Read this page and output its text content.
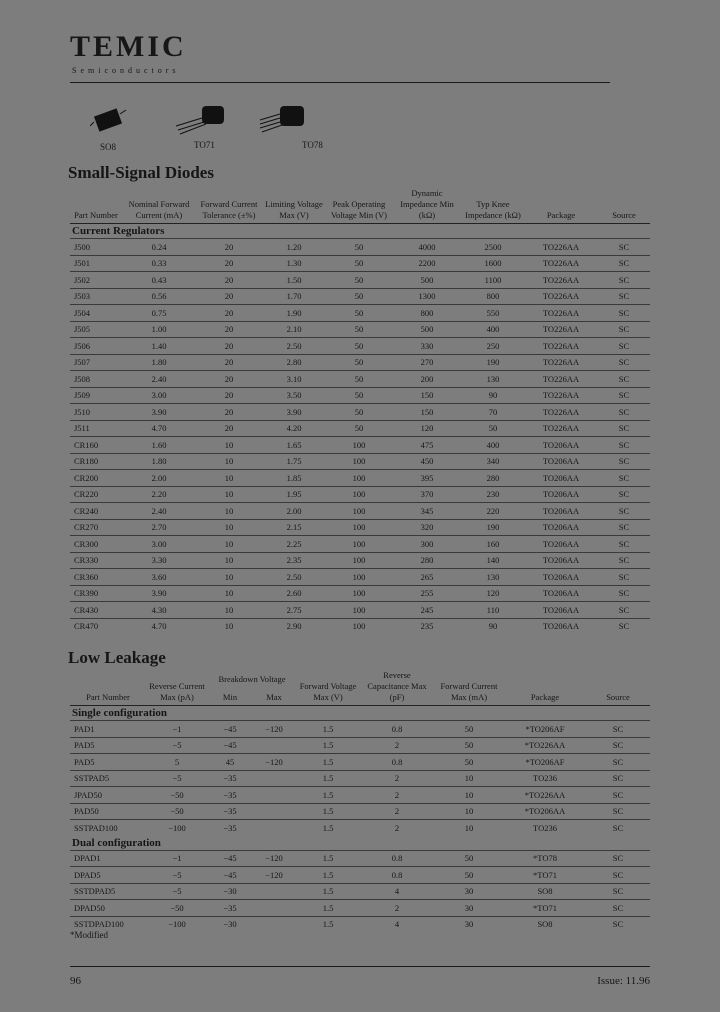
TEMIC
Semiconductors
SO8	TO71	TO78
Small-Signal Diodes
Part Number	Nominal Forward Current (mA)	Forward Current Tolerance (±%)	Limiting Voltage Max (V)	Peak Operating Voltage Min (V)	Dynamic Impedance Min (kΩ)	Typ Knee Impedance (kΩ)	Package	Source
Current Regulators								
J500	0.24	20	1.20	50	4000	2500	TO226AA	SC
J501	0.33	20	1.30	50	2200	1600	TO226AA	SC
J502	0.43	20	1.50	50	500	1100	TO226AA	SC
J503	0.56	20	1.70	50	1300	800	TO226AA	SC
J504	0.75	20	1.90	50	800	550	TO226AA	SC
J505	1.00	20	2.10	50	500	400	TO226AA	SC
J506	1.40	20	2.50	50	330	250	TO226AA	SC
J507	1.80	20	2.80	50	270	190	TO226AA	SC
J508	2.40	20	3.10	50	200	130	TO226AA	SC
J509	3.00	20	3.50	50	150	90	TO226AA	SC
J510	3.90	20	3.90	50	150	70	TO226AA	SC
J511	4.70	20	4.20	50	120	50	TO226AA	SC
CR160	1.60	10	1.65	100	475	400	TO206AA	SC
CR180	1.80	10	1.75	100	450	340	TO206AA	SC
CR200	2.00	10	1.85	100	395	280	TO206AA	SC
CR220	2.20	10	1.95	100	370	230	TO206AA	SC
CR240	2.40	10	2.00	100	345	220	TO206AA	SC
CR270	2.70	10	2.15	100	320	190	TO206AA	SC
CR300	3.00	10	2.25	100	300	160	TO206AA	SC
CR330	3.30	10	2.35	100	280	140	TO206AA	SC
CR360	3.60	10	2.50	100	265	130	TO206AA	SC
CR390	3.90	10	2.60	100	255	120	TO206AA	SC
CR430	4.30	10	2.75	100	245	110	TO206AA	SC
CR470	4.70	10	2.90	100	235	90	TO206AA	SC
Low Leakage
Part Number	Reverse Current Max (pA)	Breakdown Voltage		Forward Voltage Max (V)	Reverse Capacitance Max (pF)	Forward Current Max (mA)	Package	Source
		Min	Max					
Single configuration								
PAD1	−1	−45	−120	1.5	0.8	50	*TO206AF	SC
PAD5	−5	−45		1.5	2	50	*TO226AA	SC
PAD5	5	45	−120	1.5	0.8	50	*TO206AF	SC
SSTPAD5	−5	−35		1.5	2	10	TO236	SC
JPAD50	−50	−35		1.5	2	10	*TO226AA	SC
PAD50	−50	−35		1.5	2	10	*TO206AA	SC
SSTPAD100	−100	−35		1.5	2	10	TO236	SC
Dual configuration								
DPAD1	−1	−45	−120	1.5	0.8	50	*TO78	SC
DPAD5	−5	−45	−120	1.5	0.8	50	*TO71	SC
SSTDPAD5	−5	−30		1.5	4	30	SO8	SC
DPAD50	−50	−35		1.5	2	30	*TO71	SC
SSTDPAD100	−100	−30		1.5	4	30	SO8	SC
*Modified
96	Issue: 11.96
